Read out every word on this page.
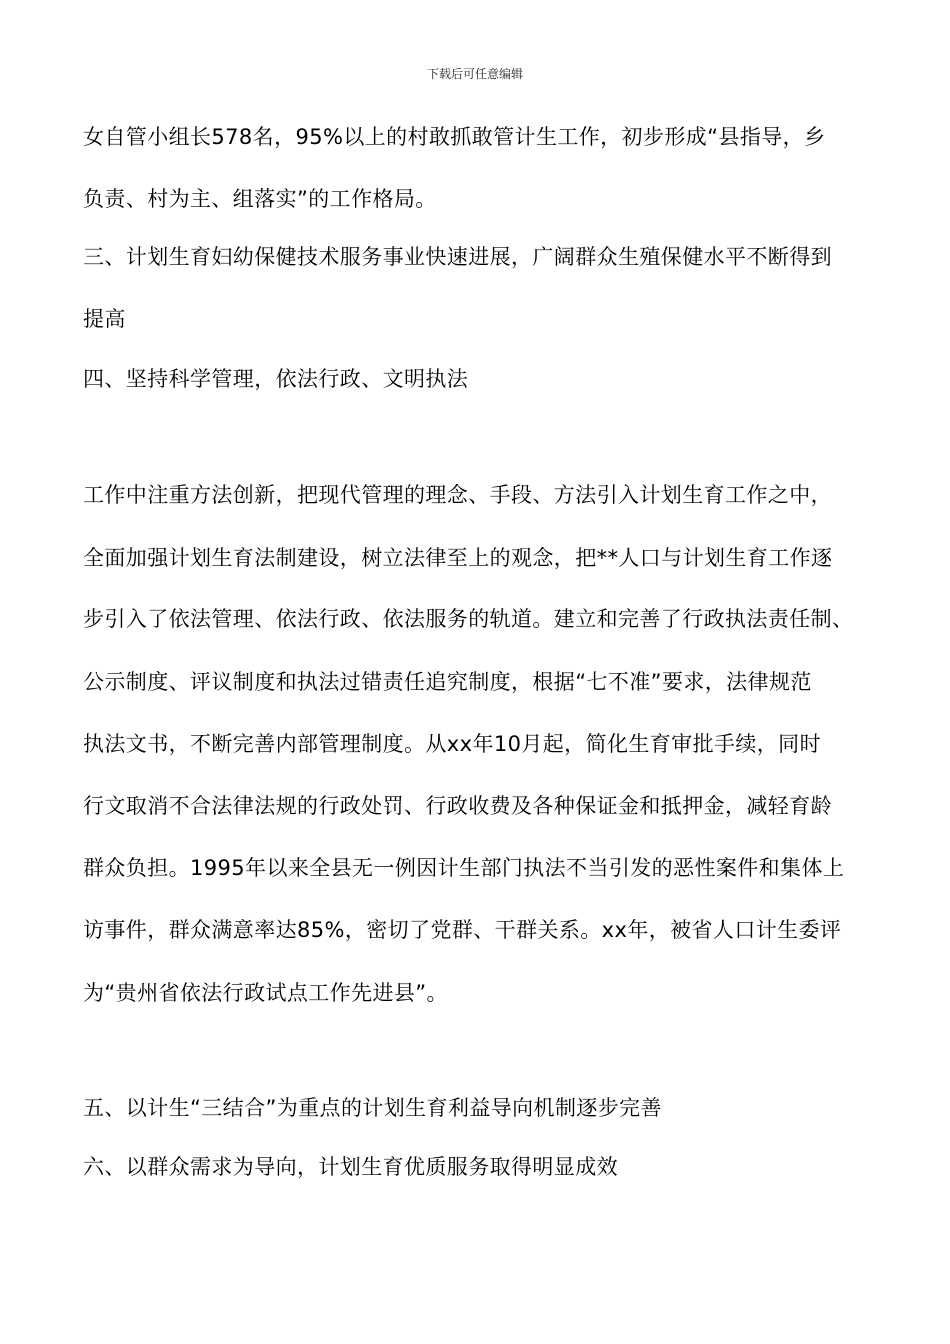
下载后可任意编辑
女自管小组长578名，95%以上的村敢抓敢管计生工作，初步形成“县指导，乡
负责、村为主、组落实”的工作格局。
三、计划生育妇幼保健技术服务事业快速进展，广阔群众生殖保健水平不断得到
提高
四、坚持科学管理，依法行政、文明执法
工作中注重方法创新，把现代管理的理念、手段、方法引入计划生育工作之中，
全面加强计划生育法制建设，树立法律至上的观念，把**人口与计划生育工作逐
步引入了依法管理、依法行政、依法服务的轨道。建立和完善了行政执法责任制、
公示制度、评议制度和执法过错责任追究制度，根据“七不准”要求，法律规范
执法文书，不断完善内部管理制度。从xx年10月起，简化生育审批手续，同时
行文取消不合法律法规的行政处罚、行政收费及各种保证金和抵押金，减轻育龄
群众负担。1995年以来全县无一例因计生部门执法不当引发的恶性案件和集体上
访事件，群众满意率达85%，密切了党群、干群关系。xx年，被省人口计生委评
为“贵州省依法行政试点工作先进县”。
五、以计生“三结合”为重点的计划生育利益导向机制逐步完善
六、以群众需求为导向，计划生育优质服务取得明显成效
